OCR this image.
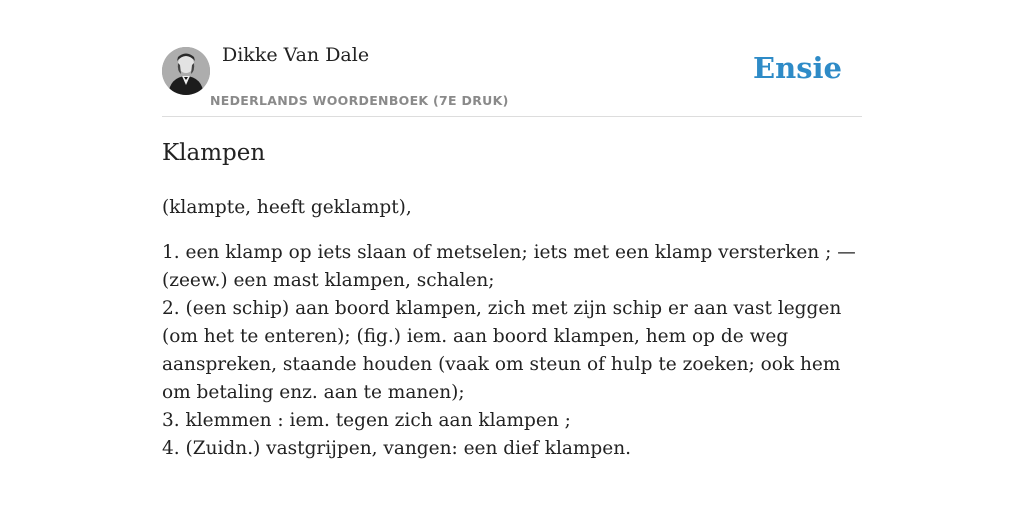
Dikke Van Dale
NEDERLANDS WOORDENBOEK (7E DRUK)
Ensie
Klampen

(klampte, heeft geklampt),

1. een klamp op iets slaan of metselen; iets met een klamp versterken ; — (zeew.) een mast klampen, schalen;
2. (een schip) aan boord klampen, zich met zijn schip er aan vast leggen (om het te enteren); (fig.) iem. aan boord klampen, hem op de weg aanspreken, staande houden (vaak om steun of hulp te zoeken; ook hem om betaling enz. aan te manen);
3. klemmen : iem. tegen zich aan klampen ;
4. (Zuidn.) vastgrijpen, vangen: een dief klampen.
